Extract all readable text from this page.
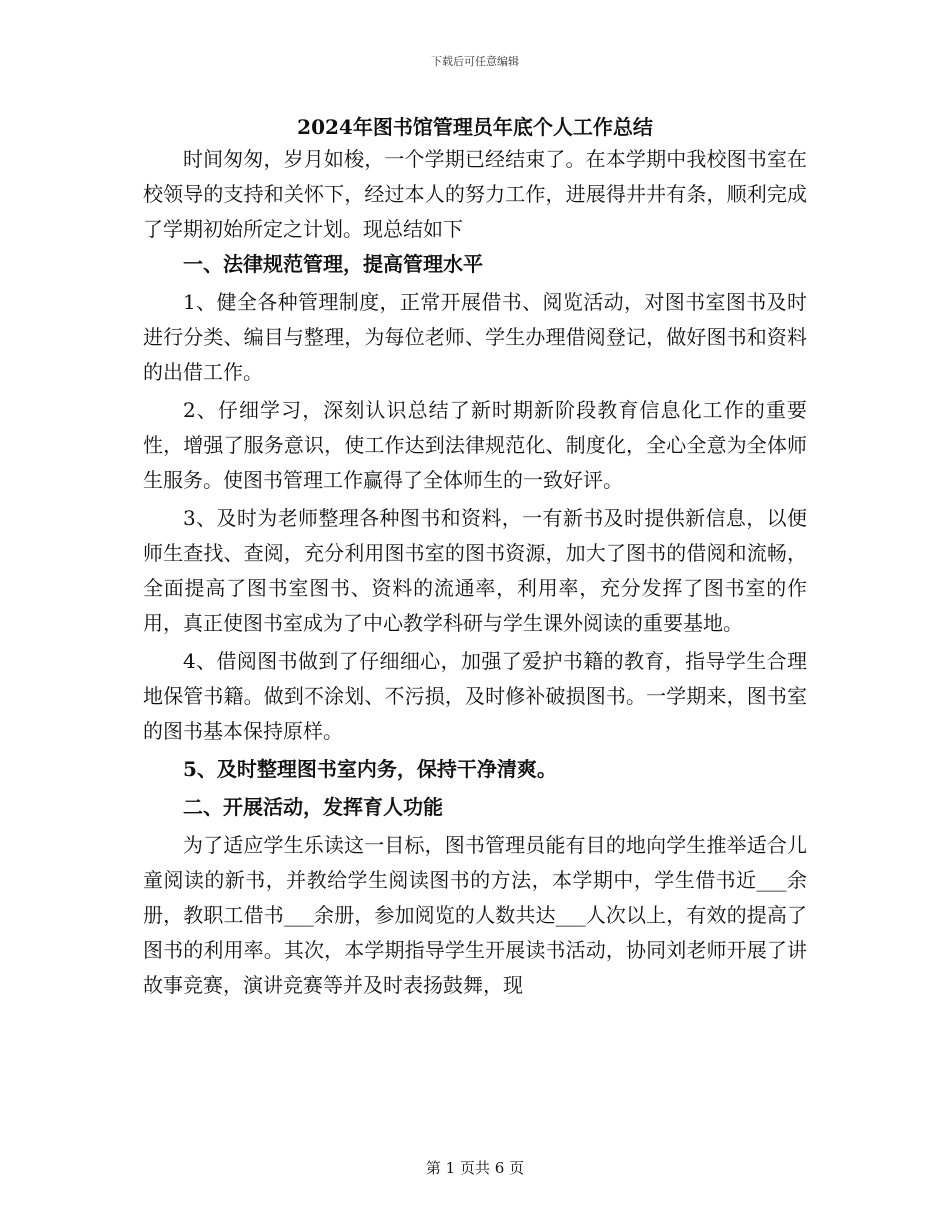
下载后可任意编辑
2024年图书馆管理员年底个人工作总结

时间匆匆，岁月如梭，一个学期已经结束了。在本学期中我校图书室在校领导的支持和关怀下，经过本人的努力工作，进展得井井有条，顺利完成了学期初始所定之计划。现总结如下

一、法律规范管理，提高管理水平

1、健全各种管理制度，正常开展借书、阅览活动，对图书室图书及时进行分类、编目与整理，为每位老师、学生办理借阅登记，做好图书和资料的出借工作。

2、仔细学习，深刻认识总结了新时期新阶段教育信息化工作的重要性，增强了服务意识，使工作达到法律规范化、制度化，全心全意为全体师生服务。使图书管理工作赢得了全体师生的一致好评。

3、及时为老师整理各种图书和资料，一有新书及时提供新信息，以便师生查找、查阅，充分利用图书室的图书资源，加大了图书的借阅和流畅，全面提高了图书室图书、资料的流通率，利用率，充分发挥了图书室的作用，真正使图书室成为了中心教学科研与学生课外阅读的重要基地。

4、借阅图书做到了仔细细心，加强了爱护书籍的教育，指导学生合理地保管书籍。做到不涂划、不污损，及时修补破损图书。一学期来，图书室的图书基本保持原样。

5、及时整理图书室内务，保持干净清爽。

二、开展活动，发挥育人功能

为了适应学生乐读这一目标，图书管理员能有目的地向学生推举适合儿童阅读的新书，并教给学生阅读图书的方法，本学期中，学生借书近___余册，教职工借书___余册，参加阅览的人数共达___人次以上，有效的提高了图书的利用率。其次，本学期指导学生开展读书活动，协同刘老师开展了讲故事竞赛，演讲竞赛等并及时表扬鼓舞，现

第 1 页共 6 页
